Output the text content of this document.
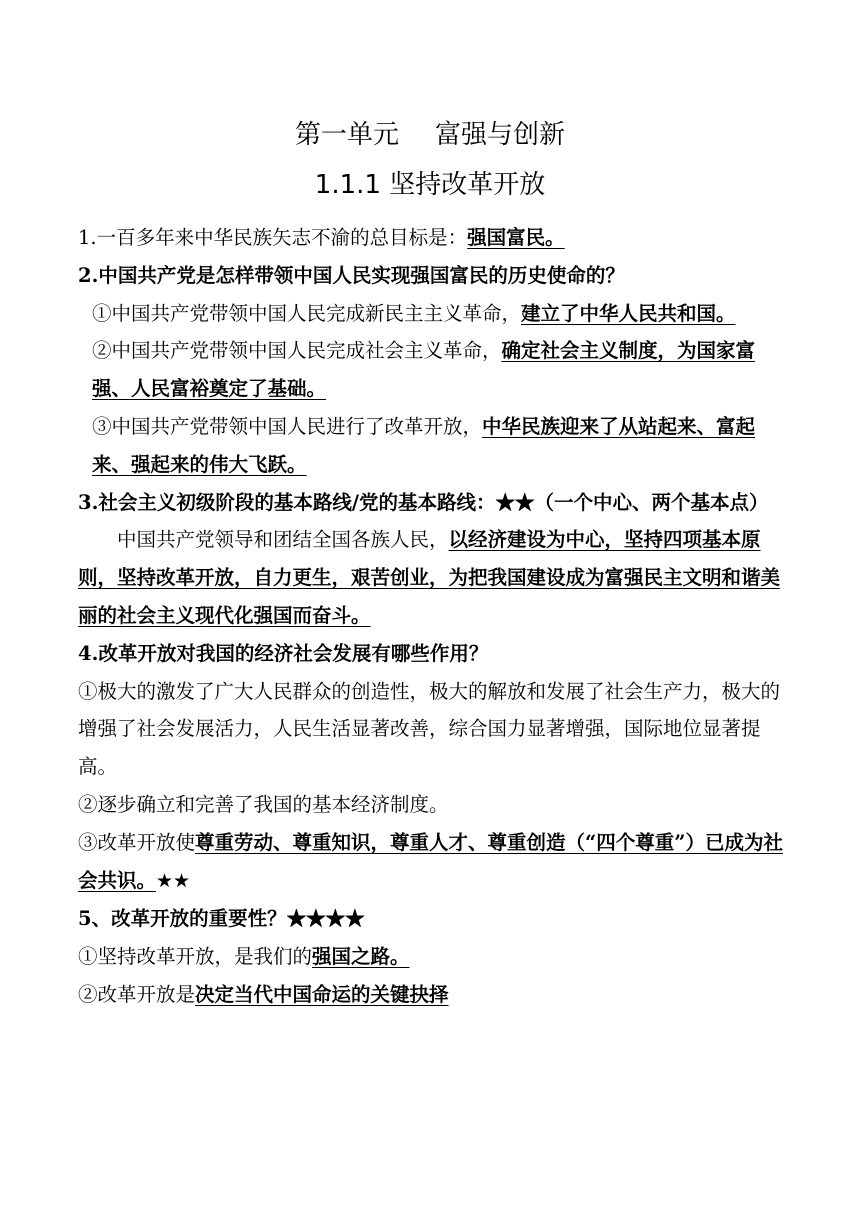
第一单元 富强与创新
1.1.1 坚持改革开放

1.一百多年来中华民族矢志不渝的总目标是：强国富民。

2.中国共产党是怎样带领中国人民实现强国富民的历史使命的？

①中国共产党带领中国人民完成新民主主义革命，建立了中华人民共和国。

②中国共产党带领中国人民完成社会主义革命，确定社会主义制度，为国家富强、人民富裕奠定了基础。

③中国共产党带领中国人民进行了改革开放，中华民族迎来了从站起来、富起来、强起来的伟大飞跃。

3.社会主义初级阶段的基本路线/党的基本路线：★★（一个中心、两个基本点）

中国共产党领导和团结全国各族人民，以经济建设为中心，坚持四项基本原则，坚持改革开放，自力更生，艰苦创业，为把我国建设成为富强民主文明和谐美丽的社会主义现代化强国而奋斗。

4.改革开放对我国的经济社会发展有哪些作用？

①极大的激发了广大人民群众的创造性，极大的解放和发展了社会生产力，极大的增强了社会发展活力，人民生活显著改善，综合国力显著增强，国际地位显著提高。

②逐步确立和完善了我国的基本经济制度。

③改革开放使尊重劳动、尊重知识，尊重人才、尊重创造（“四个尊重”）已成为社会共识。★★

5、改革开放的重要性？★★★★

①坚持改革开放，是我们的强国之路。

②改革开放是决定当代中国命运的关键抉择
